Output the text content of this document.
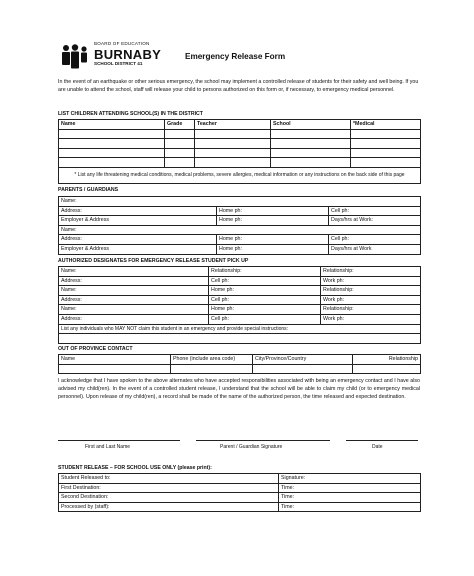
BOARD OF EDUCATION
BURNABY
SCHOOL DISTRICT 41
Emergency Release Form
In the event of an earthquake or other serious emergency, the school may implement a controlled release of students for their safety and well being. If you are unable to attend the school, staff will release your child to persons authorized on this form or, if necessary, to emergency medical personnel.
LIST CHILDREN ATTENDING SCHOOL(S) IN THE DISTRICT
Name	Grade	Teacher	School	*Medical

* List any life threatening medical conditions, medical problems, severe allergies, medical information or any instructions on the back side of this page				
PARENTS / GUARDIANS
Name:		
Address:	Home ph:	Cell ph:
Employer & Address	Home ph:	Days/hrs at Work:
Name:		
Address:	Home ph:	Cell ph:
Employer & Address	Home ph:	Days/hrs at Work
AUTHORIZED DESIGNATES FOR EMERGENCY RELEASE STUDENT PICK UP
Name:	Relationship:	Relationship:
Address:	Cell ph:	Work ph:
Name:	Home ph:	Relationship:
Address:	Cell ph:	Work ph:
Name:	Home ph:	Relationship:
Address:	Cell ph:	Work ph:
List any individuals who MAY NOT claim this student in an emergency and provide special instructions:		

OUT OF PROVINCE CONTACT
Name	Phone (include area code)	City/Province/Country	Relationship

I acknowledge that I have spoken to the above alternates who have accepted responsibilities associated with being an emergency contact and I have also advised my child(ren). In the event of a controlled student release, I understand that the school will be able to claim my child (or to emergency medical personnel). Upon release of my child(ren), a record shall be made of the name of the authorized person, the time released and expected destination.
First and Last Name	Parent / Guardian Signature	Date
STUDENT RELEASE – FOR SCHOOL USE ONLY (please print):
Student Released to:	Signature:
First Destination:	Time:
Second Destination:	Time:
Processed by (staff):	Time:
